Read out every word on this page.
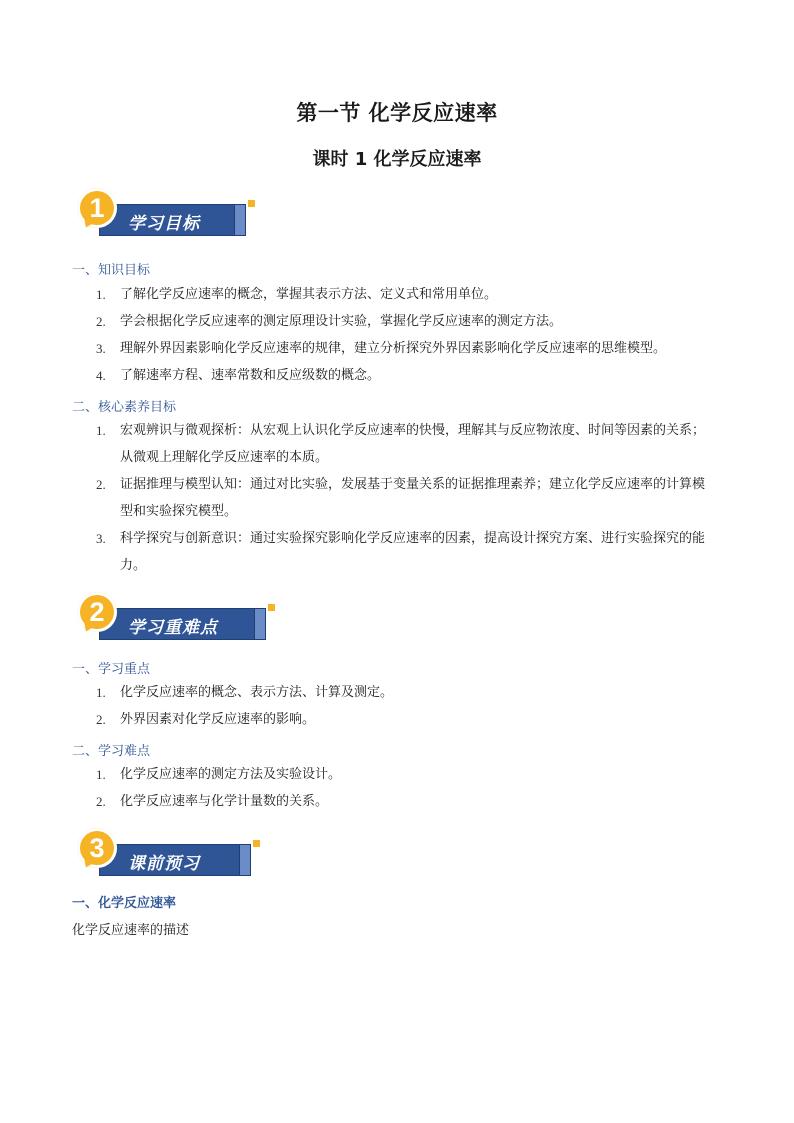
第一节 化学反应速率
课时 1 化学反应速率
学习目标
1
一、知识目标
1.	了解化学反应速率的概念，掌握其表示方法、定义式和常用单位。
2.	学会根据化学反应速率的测定原理设计实验，掌握化学反应速率的测定方法。
3.	理解外界因素影响化学反应速率的规律，建立分析探究外界因素影响化学反应速率的思维模型。
4.	了解速率方程、速率常数和反应级数的概念。
二、核心素养目标
1.	宏观辨识与微观探析：从宏观上认识化学反应速率的快慢，理解其与反应物浓度、时间等因素的关系；从微观上理解化学反应速率的本质。
2.	证据推理与模型认知：通过对比实验，发展基于变量关系的证据推理素养；建立化学反应速率的计算模型和实验探究模型。
3.	科学探究与创新意识：通过实验探究影响化学反应速率的因素，提高设计探究方案、进行实验探究的能力。
学习重难点
2
一、学习重点
1.	化学反应速率的概念、表示方法、计算及测定。
2.	外界因素对化学反应速率的影响。
二、学习难点
1.	化学反应速率的测定方法及实验设计。
2.	化学反应速率与化学计量数的关系。
课前预习
3
一、化学反应速率
化学反应速率的描述
